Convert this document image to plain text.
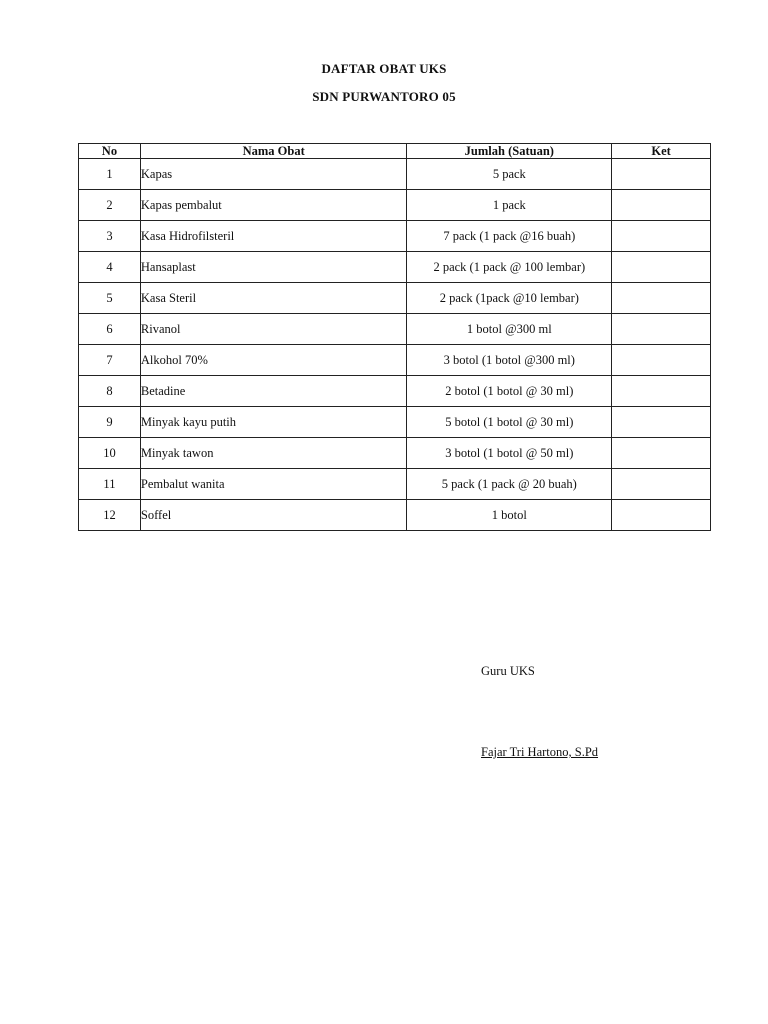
DAFTAR OBAT UKS
SDN PURWANTORO 05
No	Nama Obat	Jumlah (Satuan)	Ket
1	Kapas	5 pack	
2	Kapas pembalut	1 pack	
3	Kasa Hidrofilsteril	7 pack (1 pack @16 buah)	
4	Hansaplast	2 pack (1 pack @ 100 lembar)	
5	Kasa Steril	2 pack (1pack @10 lembar)	
6	Rivanol	1 botol @300 ml	
7	Alkohol 70%	3 botol (1 botol @300 ml)	
8	Betadine	2 botol (1 botol @ 30 ml)	
9	Minyak kayu putih	5 botol (1 botol @ 30 ml)	
10	Minyak tawon	3 botol (1 botol @ 50 ml)	
11	Pembalut wanita	5 pack (1 pack @ 20 buah)	
12	Soffel	1 botol	
Guru UKS
Fajar Tri Hartono, S.Pd
